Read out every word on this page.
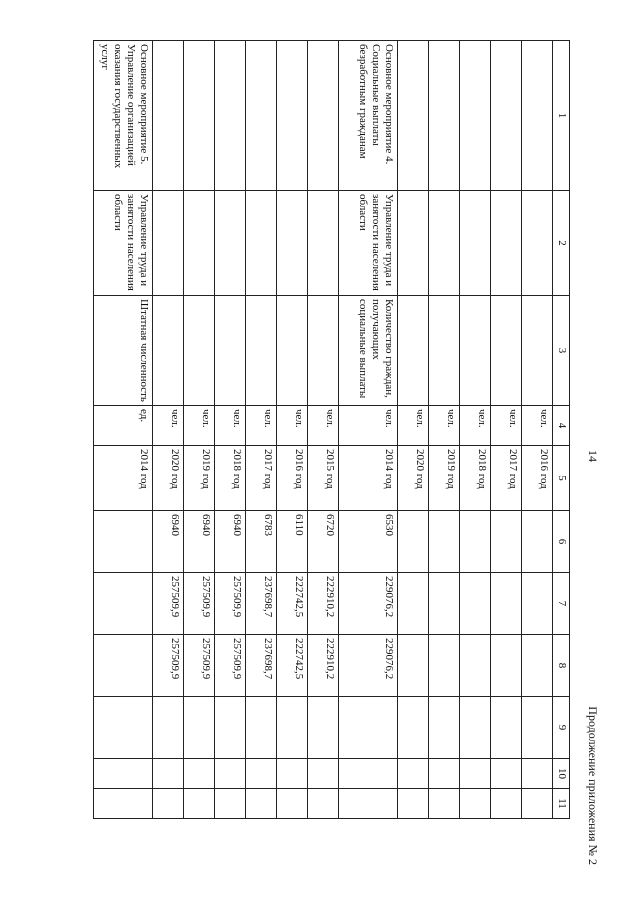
14
Продолжение приложения № 2
1	2	3	4	5	6	7	8	9	10	11
			чел.	2016 год						
			чел.	2017 год						
			чел.	2018 год						
			чел.	2019 год						
			чел.	2020 год						
Основное мероприятие 4. Социальные выплаты безработным гражданам	Управление труда и занятости населения области	Количество граждан, получающих социальные выплаты	чел.	2014 год	6530	229076,2	229076,2			
			чел.	2015 год	6720	222910,2	222910,2			
			чел.	2016 год	6110	222742,5	222742,5			
			чел.	2017 год	6783	237698,7	237698,7			
			чел.	2018 год	6940	257509,9	257509,9			
			чел.	2019 год	6940	257509,9	257509,9			
			чел.	2020 год	6940	257509,9	257509,9			
Основное мероприятие 5. Управление организацией оказания государственных услуг	Управление труда и занятости населения области	Штатная численность	ед.	2014 год						
